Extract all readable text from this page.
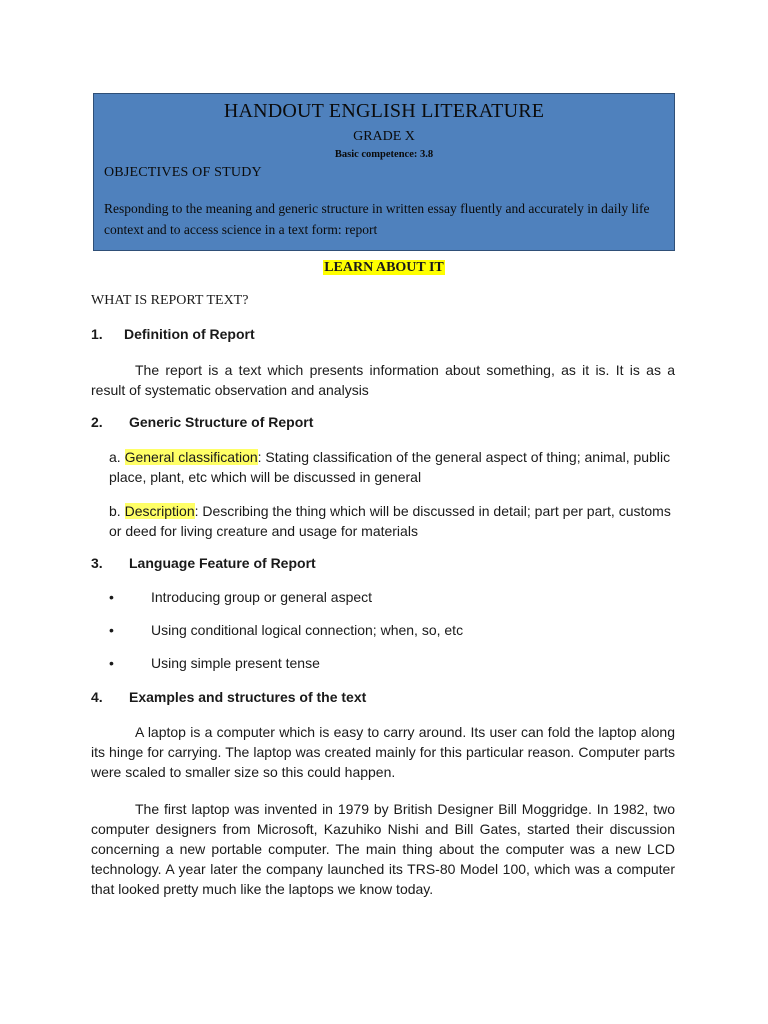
HANDOUT ENGLISH LITERATURE
GRADE X
Basic competence: 3.8
OBJECTIVES OF STUDY
Responding to the meaning and generic structure in written essay fluently and accurately in daily life context and to access science in a text form: report
LEARN ABOUT IT
WHAT IS REPORT TEXT?
1. Definition of Report
The report is a text which presents information about something, as it is. It is as a result of systematic observation and analysis
2. Generic Structure of Report
a. General classification: Stating classification of the general aspect of thing; animal, public place, plant, etc which will be discussed in general
b. Description: Describing the thing which will be discussed in detail; part per part, customs or deed for living creature and usage for materials
3. Language Feature of Report
•	Introducing group or general aspect
•	Using conditional logical connection; when, so, etc
•	Using simple present tense
4. Examples and structures of the text
A laptop is a computer which is easy to carry around. Its user can fold the laptop along its hinge for carrying. The laptop was created mainly for this particular reason. Computer parts were scaled to smaller size so this could happen.
The first laptop was invented in 1979 by British Designer Bill Moggridge. In 1982, two computer designers from Microsoft, Kazuhiko Nishi and Bill Gates, started their discussion concerning a new portable computer. The main thing about the computer was a new LCD technology. A year later the company launched its TRS-80 Model 100, which was a computer that looked pretty much like the laptops we know today.
